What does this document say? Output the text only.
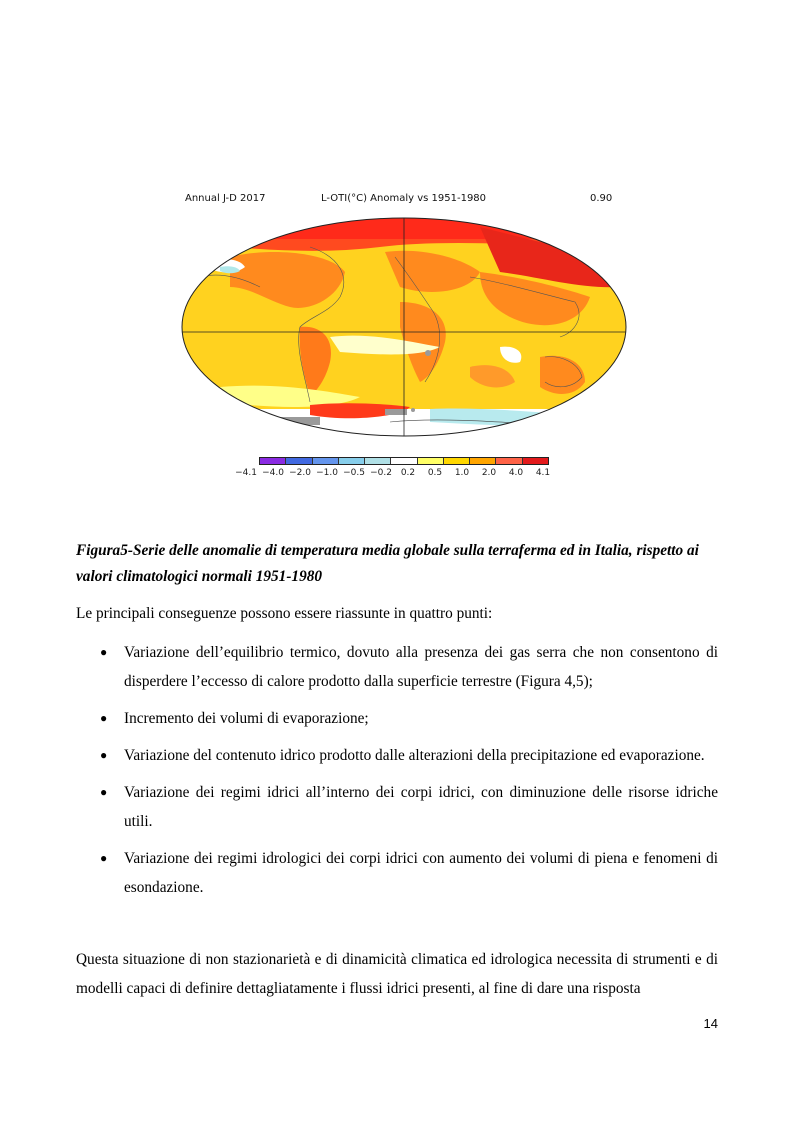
Annual J-D 2017	L-OTI(°C) Anomaly vs 1951-1980	0.90
−4.1 −4.0 −2.0 −1.0 −0.5 −0.2 0.2 0.5 1.0 2.0 4.0 4.1

Figura5-Serie delle anomalie di temperatura media globale sulla terraferma ed in Italia, rispetto ai valori climatologici normali 1951-1980

Le principali conseguenze possono essere riassunte in quattro punti:

● Variazione dell’equilibrio termico, dovuto alla presenza dei gas serra che non consentono di disperdere l’eccesso di calore prodotto dalla superficie terrestre (Figura 4,5);
● Incremento dei volumi di evaporazione;
● Variazione del contenuto idrico prodotto dalle alterazioni della precipitazione ed evaporazione.
● Variazione dei regimi idrici all’interno dei corpi idrici, con diminuzione delle risorse idriche utili.
● Variazione dei regimi idrologici dei corpi idrici con aumento dei volumi di piena e fenomeni di esondazione.

Questa situazione di non stazionarietà e di dinamicità climatica ed idrologica necessita di strumenti e di modelli capaci di definire dettagliatamente i flussi idrici presenti, al fine di dare una risposta

14
